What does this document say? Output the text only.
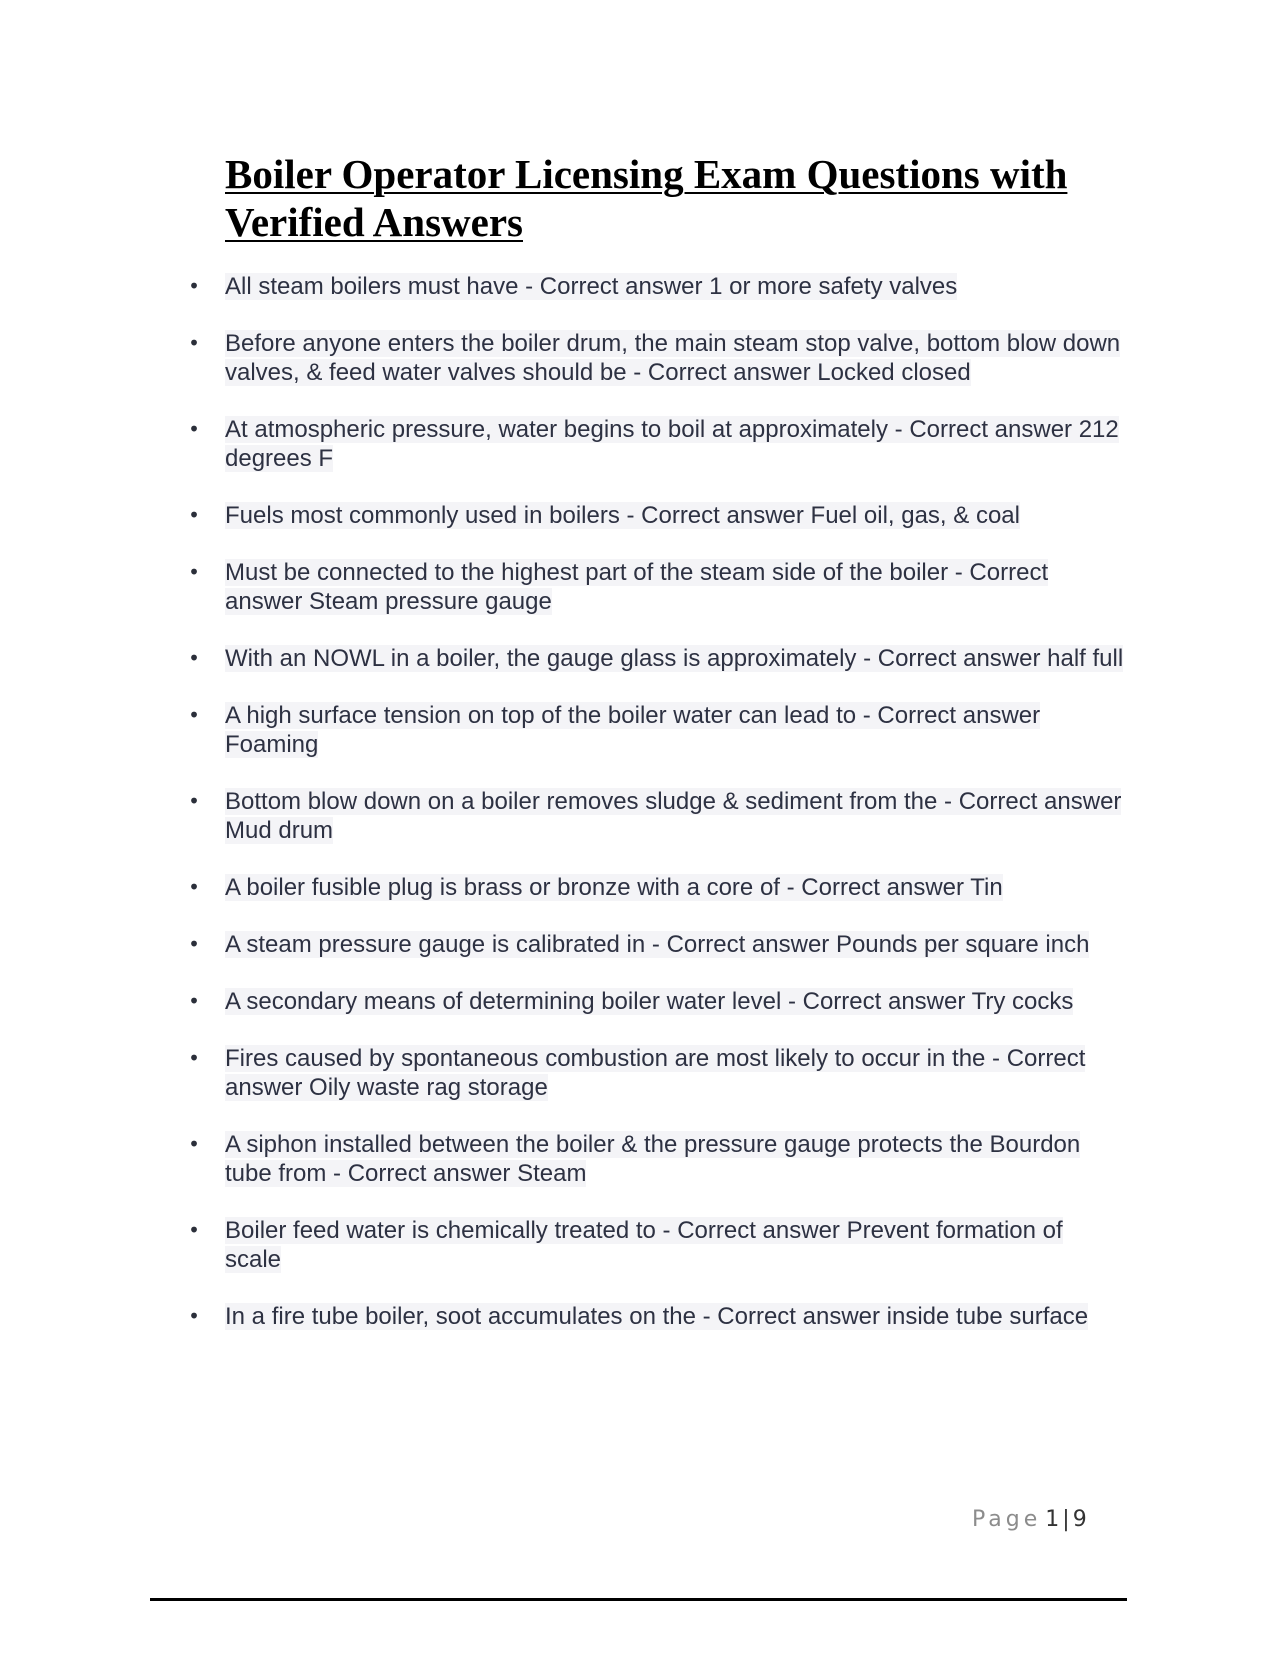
Boiler Operator Licensing Exam Questions with Verified Answers
• All steam boilers must have - Correct answer 1 or more safety valves
• Before anyone enters the boiler drum, the main steam stop valve, bottom blow down valves, & feed water valves should be - Correct answer Locked closed
• At atmospheric pressure, water begins to boil at approximately - Correct answer 212 degrees F
• Fuels most commonly used in boilers - Correct answer Fuel oil, gas, & coal
• Must be connected to the highest part of the steam side of the boiler - Correct answer Steam pressure gauge
• With an NOWL in a boiler, the gauge glass is approximately - Correct answer half full
• A high surface tension on top of the boiler water can lead to - Correct answer Foaming
• Bottom blow down on a boiler removes sludge & sediment from the - Correct answer Mud drum
• A boiler fusible plug is brass or bronze with a core of - Correct answer Tin
• A steam pressure gauge is calibrated in - Correct answer Pounds per square inch
• A secondary means of determining boiler water level - Correct answer Try cocks
• Fires caused by spontaneous combustion are most likely to occur in the - Correct answer Oily waste rag storage
• A siphon installed between the boiler & the pressure gauge protects the Bourdon tube from - Correct answer Steam
• Boiler feed water is chemically treated to - Correct answer Prevent formation of scale
• In a fire tube boiler, soot accumulates on the - Correct answer inside tube surface
Page 1 | 9
